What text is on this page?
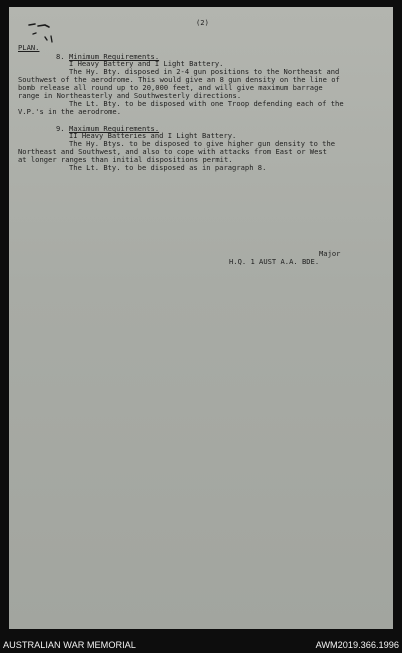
(2)
PLAN.
8. Minimum Requirements.
I Heavy Battery and I Light Battery.
The Hy. Bty. disposed in 2-4 gun positions to the Northeast and
Southwest of the aerodrome. This would give an 8 gun density on the line of
bomb release all round up to 20,000 feet, and will give maximum barrage
range in Northeasterly and Southwesterly directions.
The Lt. Bty. to be disposed with one Troop defending each of the
V.P.'s in the aerodrome.
9. Maximum Requirements.
II Heavy Batteries and I Light Battery.
The Hy. Btys. to be disposed to give higher gun density to the
Northeast and Southwest, and also to cope with attacks from East or West
at longer ranges than initial dispositions permit.
The Lt. Bty. to be disposed as in paragraph 8.
Major
H.Q. 1 AUST A.A. BDE.
AUSTRALIAN WAR MEMORIAL	AWM2019.366.1996
